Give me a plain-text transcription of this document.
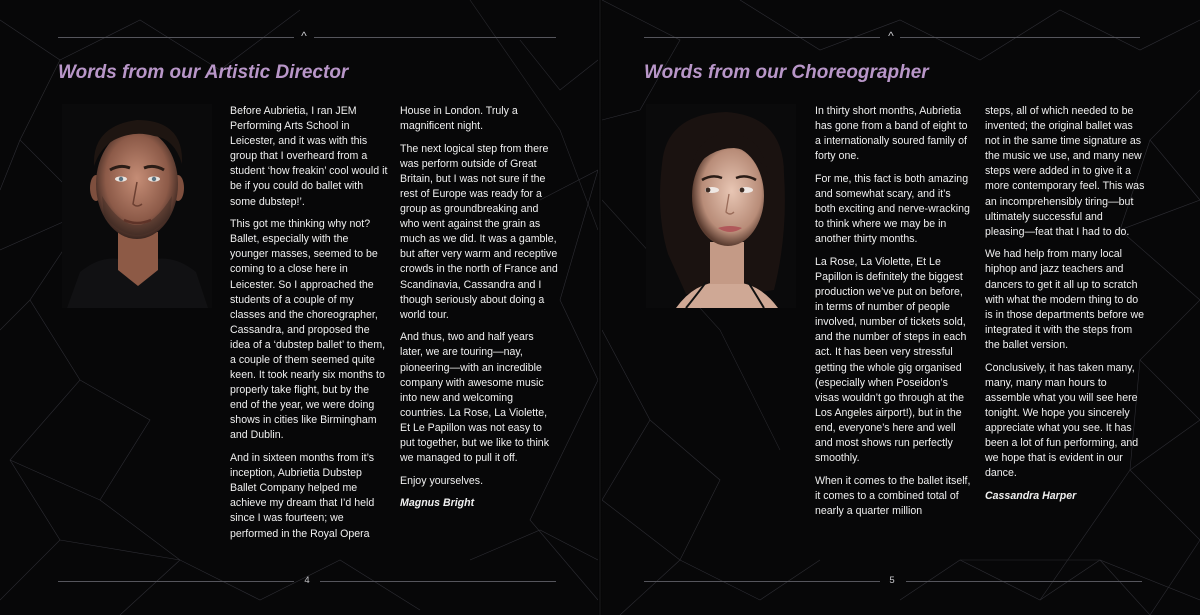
^
Words from our Artistic Director

Before Aubrietia, I ran JEM Performing Arts School in Leicester, and it was with this group that I overheard from a student ‘how freakin’ cool would it be if you could do ballet with some dubstep!’.

This got me thinking why not? Ballet, especially with the younger masses, seemed to be coming to a close here in Leicester. So I approached the students of a couple of my classes and the choreographer, Cassandra, and proposed the idea of a ‘dubstep ballet’ to them, a couple of them seemed quite keen. It took nearly six months to properly take flight, but by the end of the year, we were doing shows in cities like Birmingham and Dublin.

And in sixteen months from it’s inception, Aubrietia Dubstep Ballet Company helped me achieve my dream that I’d held since I was fourteen; we performed in the Royal Opera

House in London. Truly a magnificent night.

The next logical step from there was perform outside of Great Britain, but I was not sure if the rest of Europe was ready for a group as groundbreaking and who went against the grain as much as we did. It was a gamble, but after very warm and receptive crowds in the north of France and Scandinavia, Cassandra and I though seriously about doing a world tour.

And thus, two and half years later, we are touring—nay, pioneering—with an incredible company with awesome music into new and welcoming countries. La Rose, La Violette, Et Le Papillon was not easy to put together, but we like to think we managed to pull it off.

Enjoy yourselves.

Magnus Bright

4
^
Words from our Choreographer

In thirty short months, Aubrietia has gone from a band of eight to a internationally soured family of forty one.

For me, this fact is both amazing and somewhat scary, and it’s both exciting and nerve-wracking to think where we may be in another thirty months.

La Rose, La Violette, Et Le Papillon is definitely the biggest production we’ve put on before, in terms of number of people involved, number of tickets sold, and the number of steps in each act. It has been very stressful getting the whole gig organised (especially when Poseidon’s visas wouldn’t go through at the Los Angeles airport!), but in the end, everyone’s here and well and most shows run perfectly smoothly.

When it comes to the ballet itself, it comes to a combined total of nearly a quarter million

steps, all of which needed to be invented; the original ballet was not in the same time signature as the music we use, and many new steps were added in to give it a more contemporary feel. This was an incomprehensibly tiring—but ultimately successful and pleasing—feat that I had to do.

We had help from many local hiphop and jazz teachers and dancers to get it all up to scratch with what the modern thing to do is in those departments before we integrated it with the steps from the ballet version.

Conclusively, it has taken many, many, many man hours to assemble what you will see here tonight. We hope you sincerely appreciate what you see. It has been a lot of fun performing, and we hope that is evident in our dance.

Cassandra Harper

5
